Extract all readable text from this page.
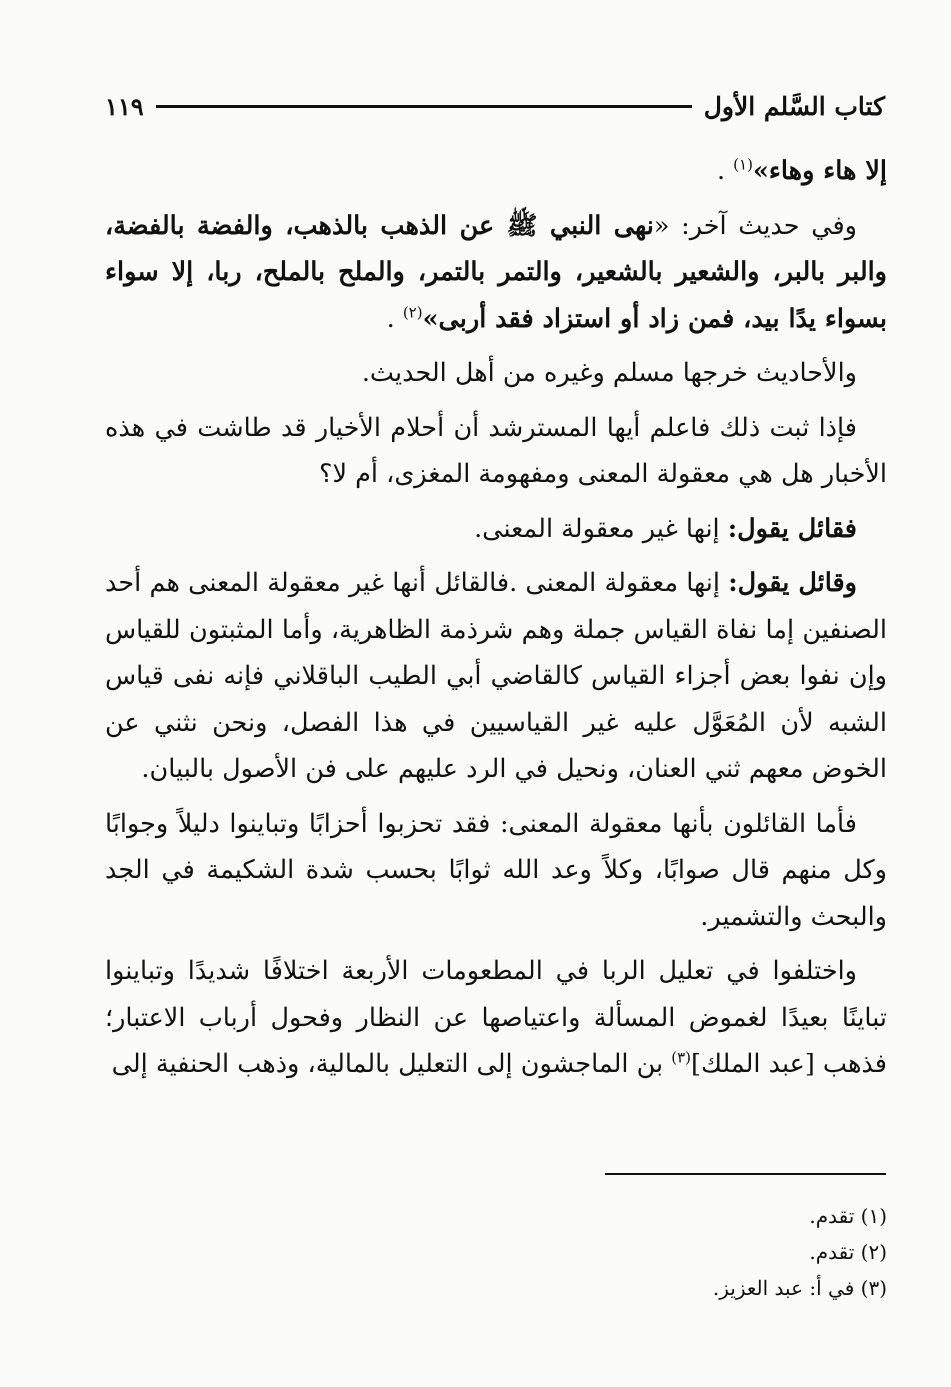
كتاب السَّلم الأول
١١٩

إلا هاء وهاء»$^{(١)}$ .

وفي حديث آخر: «نهى النبي ﷺ عن الذهب بالذهب، والفضة بالفضة، والبر بالبر، والشعير بالشعير، والتمر بالتمر، والملح بالملح، ربا، إلا سواء بسواء يدًا بيد، فمن زاد أو استزاد فقد أربى»$^{(٢)}$ .

والأحاديث خرجها مسلم وغيره من أهل الحديث.

فإذا ثبت ذلك فاعلم أيها المسترشد أن أحلام الأخيار قد طاشت في هذه الأخبار هل هي معقولة المعنى ومفهومة المغزى، أم لا؟

فقائل يقول: إنها غير معقولة المعنى.

وقائل يقول: إنها معقولة المعنى .فالقائل أنها غير معقولة المعنى هم أحد الصنفين إما نفاة القياس جملة وهم شرذمة الظاهرية، وأما المثبتون للقياس وإن نفوا بعض أجزاء القياس كالقاضي أبي الطيب الباقلاني فإنه نفى قياس الشبه لأن المُعَوَّل عليه غير القياسيين في هذا الفصل، ونحن نثني عن الخوض معهم ثني العنان، ونحيل في الرد عليهم على فن الأصول بالبيان.

فأما القائلون بأنها معقولة المعنى: فقد تحزبوا أحزابًا وتباينوا دليلاً وجوابًا وكل منهم قال صوابًا، وكلاً وعد الله ثوابًا بحسب شدة الشكيمة في الجد والبحث والتشمير.

واختلفوا في تعليل الربا في المطعومات الأربعة اختلافًا شديدًا وتباينوا تباينًا بعيدًا لغموض المسألة واعتياصها عن النظار وفحول أرباب الاعتبار؛ فذهب [عبد الملك]$^{(٣)}$ بن الماجشون إلى التعليل بالمالية، وذهب الحنفية إلى

(١) تقدم.
(٢) تقدم.
(٣) في أ: عبد العزيز.
